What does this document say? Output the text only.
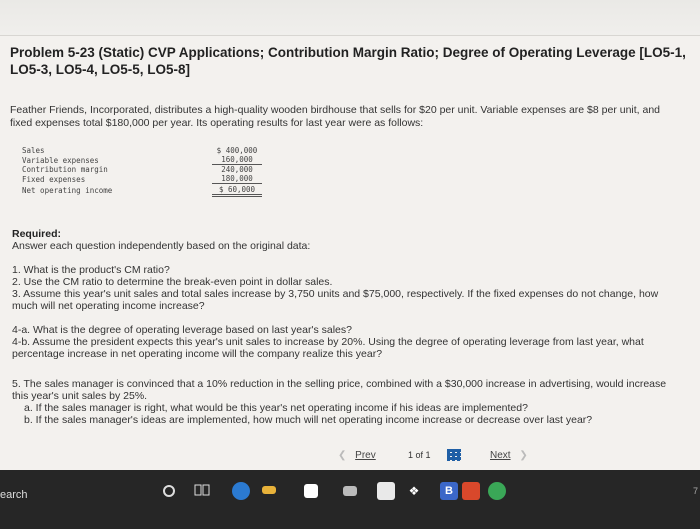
Problem 5-23 (Static) CVP Applications; Contribution Margin Ratio; Degree of Operating Leverage [LO5-1, LO5-3, LO5-4, LO5-5, LO5-8]
Feather Friends, Incorporated, distributes a high-quality wooden birdhouse that sells for $20 per unit. Variable expenses are $8 per unit, and fixed expenses total $180,000 per year. Its operating results for last year were as follows:
Sales	$ 400,000
Variable expenses	160,000
Contribution margin	240,000
Fixed expenses	180,000
Net operating income	$ 60,000
Required:
Answer each question independently based on the original data:
1. What is the product's CM ratio?
2. Use the CM ratio to determine the break-even point in dollar sales.
3. Assume this year's unit sales and total sales increase by 3,750 units and $75,000, respectively. If the fixed expenses do not change, how much will net operating income increase?
4-a. What is the degree of operating leverage based on last year's sales?
4-b. Assume the president expects this year's unit sales to increase by 20%. Using the degree of operating leverage from last year, what percentage increase in net operating income will the company realize this year?
5. The sales manager is convinced that a 10% reduction in the selling price, combined with a $30,000 increase in advertising, would increase this year's unit sales by 25%.
a. If the sales manager is right, what would be this year's net operating income if his ideas are implemented?
b. If the sales manager's ideas are implemented, how much will net operating income increase or decrease over last year?
❮ Prev	1 of 1	Next ❯
earch	❖	B	7
